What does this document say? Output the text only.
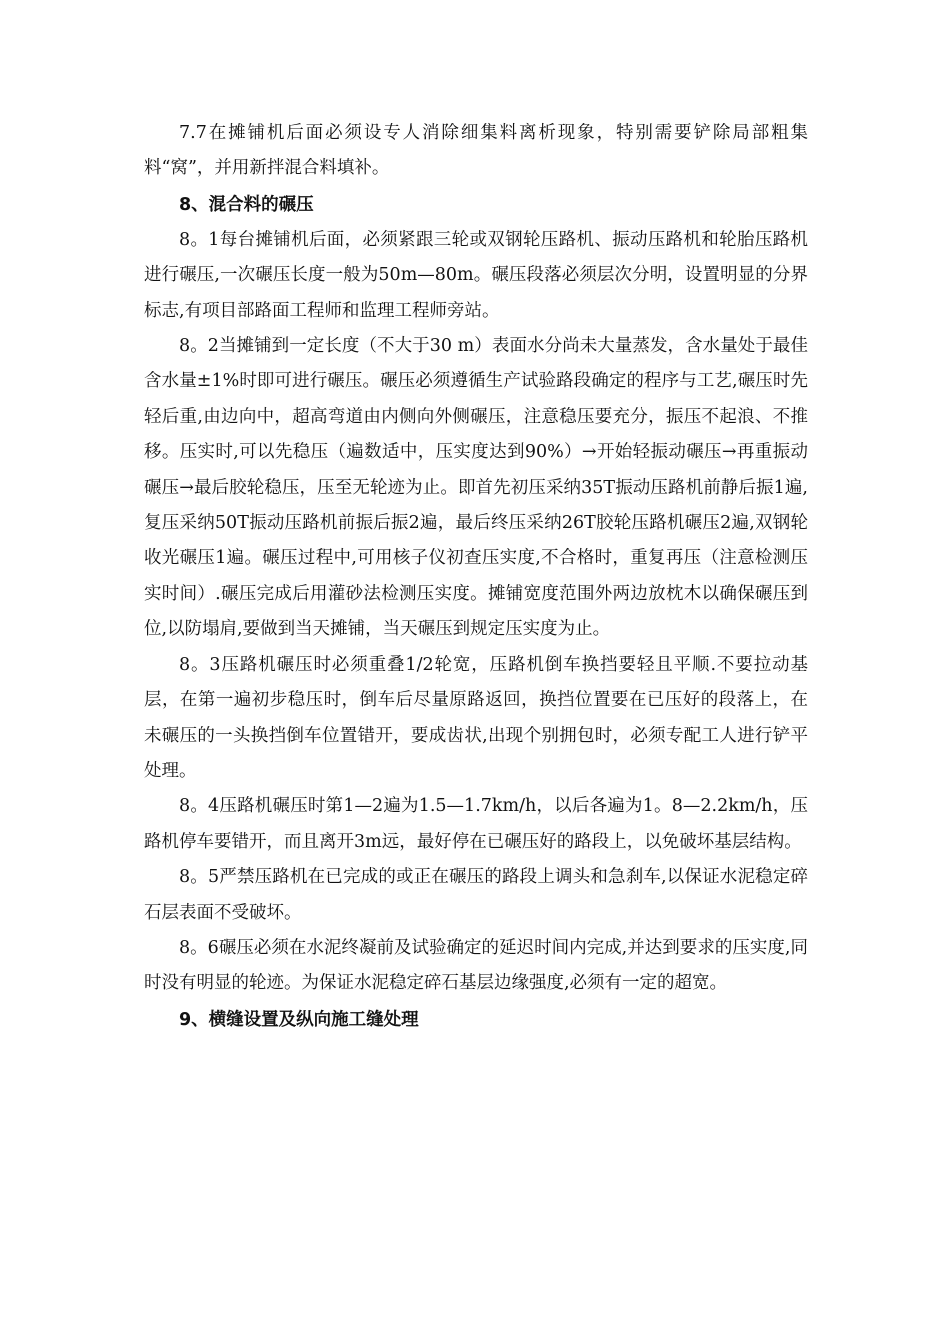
7.7在摊铺机后面必须设专人消除细集料离析现象，特别需要铲除局部粗集料“窝”，并用新拌混合料填补。

8、混合料的碾压

8。1每台摊铺机后面，必须紧跟三轮或双钢轮压路机、振动压路机和轮胎压路机进行碾压,一次碾压长度一般为50m—80m。碾压段落必须层次分明，设置明显的分界标志,有项目部路面工程师和监理工程师旁站。

8。2当摊铺到一定长度（不大于30 m）表面水分尚未大量蒸发，含水量处于最佳含水量±1%时即可进行碾压。碾压必须遵循生产试验路段确定的程序与工艺,碾压时先轻后重,由边向中，超高弯道由内侧向外侧碾压，注意稳压要充分，振压不起浪、不推移。压实时,可以先稳压（遍数适中，压实度达到90%）→开始轻振动碾压→再重振动碾压→最后胶轮稳压，压至无轮迹为止。即首先初压采纳35T振动压路机前静后振1遍,复压采纳50T振动压路机前振后振2遍，最后终压采纳26T胶轮压路机碾压2遍,双钢轮收光碾压1遍。碾压过程中,可用核子仪初查压实度,不合格时，重复再压（注意检测压实时间）.碾压完成后用灌砂法检测压实度。摊铺宽度范围外两边放枕木以确保碾压到位,以防塌肩,要做到当天摊铺，当天碾压到规定压实度为止。

8。3压路机碾压时必须重叠1/2轮宽，压路机倒车换挡要轻且平顺.不要拉动基层，在第一遍初步稳压时，倒车后尽量原路返回，换挡位置要在已压好的段落上，在未碾压的一头换挡倒车位置错开，要成齿状,出现个别拥包时，必须专配工人进行铲平处理。

8。4压路机碾压时第1—2遍为1.5—1.7km/h，以后各遍为1。8—2.2km/h，压路机停车要错开，而且离开3m远，最好停在已碾压好的路段上，以免破坏基层结构。

8。5严禁压路机在已完成的或正在碾压的路段上调头和急刹车,以保证水泥稳定碎石层表面不受破坏。

8。6碾压必须在水泥终凝前及试验确定的延迟时间内完成,并达到要求的压实度,同时没有明显的轮迹。为保证水泥稳定碎石基层边缘强度,必须有一定的超宽。

9、横缝设置及纵向施工缝处理
